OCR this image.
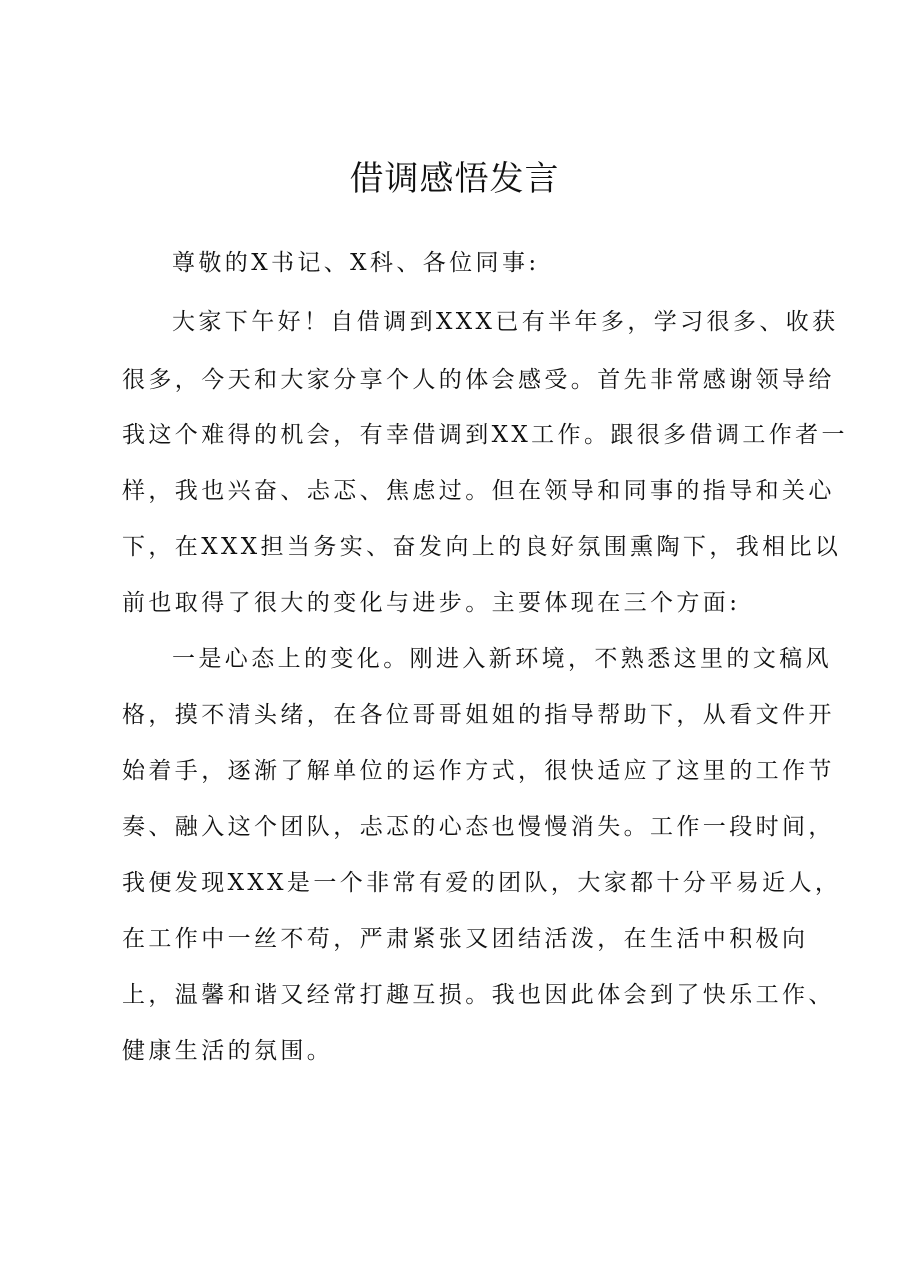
借调感悟发言
尊敬的X书记、X科、各位同事:
大家下午好！自借调到XXX已有半年多，学习很多、收获
很多，今天和大家分享个人的体会感受。首先非常感谢领导给
我这个难得的机会，有幸借调到XX工作。跟很多借调工作者一
样，我也兴奋、忐忑、焦虑过。但在领导和同事的指导和关心
下，在XXX担当务实、奋发向上的良好氛围熏陶下，我相比以
前也取得了很大的变化与进步。主要体现在三个方面:
一是心态上的变化。刚进入新环境，不熟悉这里的文稿风
格，摸不清头绪，在各位哥哥姐姐的指导帮助下，从看文件开
始着手，逐渐了解单位的运作方式，很快适应了这里的工作节
奏、融入这个团队，忐忑的心态也慢慢消失。工作一段时间，
我便发现XXX是一个非常有爱的团队，大家都十分平易近人，
在工作中一丝不苟，严肃紧张又团结活泼，在生活中积极向
上，温馨和谐又经常打趣互损。我也因此体会到了快乐工作、
健康生活的氛围。
